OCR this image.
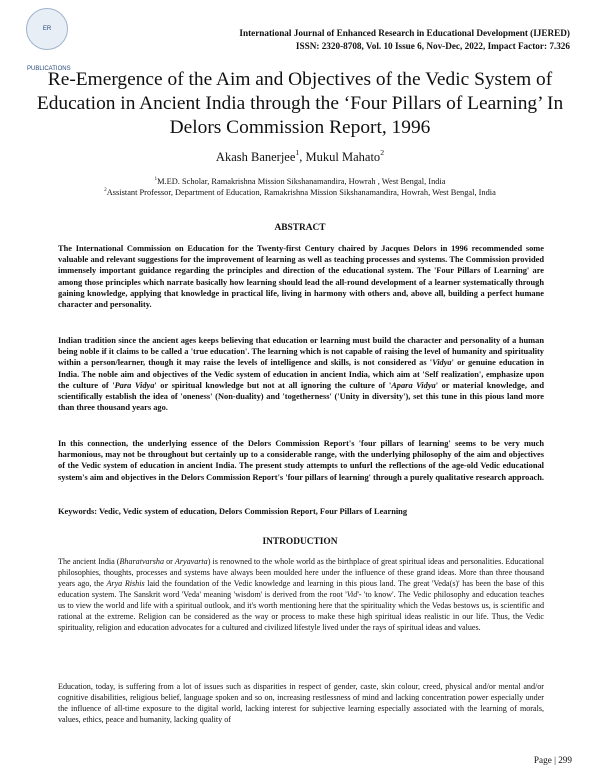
ER PUBLICATIONS
International Journal of Enhanced Research in Educational Development (IJERED)
ISSN: 2320-8708, Vol. 10 Issue 6, Nov-Dec, 2022, Impact Factor: 7.326
Re-Emergence of the Aim and Objectives of the Vedic System of Education in Ancient India through the ‘Four Pillars of Learning’ In Delors Commission Report, 1996
Akash Banerjee$^1$, Mukul Mahato$^2$
$^1$M.ED. Scholar, Ramakrishna Mission Sikshanamandira, Howrah , West Bengal, India
$^2$Assistant Professor, Department of Education, Ramakrishna Mission Sikshanamandira, Howrah, West Bengal, India
ABSTRACT

The International Commission on Education for the Twenty-first Century chaired by Jacques Delors in 1996 recommended some valuable and relevant suggestions for the improvement of learning as well as teaching processes and systems. The Commission provided immensely important guidance regarding the principles and direction of the educational system. The 'Four Pillars of Learning' are among those principles which narrate basically how learning should lead the all-round development of a learner systematically through gaining knowledge, applying that knowledge in practical life, living in harmony with others and, above all, building a perfect humane character and personality.

Indian tradition since the ancient ages keeps believing that education or learning must build the character and personality of a human being noble if it claims to be called a 'true education'. The learning which is not capable of raising the level of humanity and spirituality within a person/learner, though it may raise the levels of intelligence and skills, is not considered as 'Vidya' or genuine education in India. The noble aim and objectives of the Vedic system of education in ancient India, which aim at 'Self realization', emphasize upon the culture of 'Para Vidya' or spiritual knowledge but not at all ignoring the culture of 'Apara Vidya' or material knowledge, and scientifically establish the idea of 'oneness' (Non-duality) and 'togetherness' ('Unity in diversity'), set this tune in this pious land more than three thousand years ago.

In this connection, the underlying essence of the Delors Commission Report's 'four pillars of learning' seems to be very much harmonious, may not be throughout but certainly up to a considerable range, with the underlying philosophy of the aim and objectives of the Vedic system of education in ancient India. The present study attempts to unfurl the reflections of the age-old Vedic educational system's aim and objectives in the Delors Commission Report's 'four pillars of learning' through a purely qualitative research approach.

Keywords: Vedic, Vedic system of education, Delors Commission Report, Four Pillars of Learning

INTRODUCTION

The ancient India (Bharatvarsha or Aryavarta) is renowned to the whole world as the birthplace of great spiritual ideas and personalities. Educational philosophies, thoughts, processes and systems have always been moulded here under the influence of these grand ideas. More than three thousand years ago, the Arya Rishis laid the foundation of the Vedic knowledge and learning in this pious land. The great 'Veda(s)' has been the base of this education system. The Sanskrit word 'Veda' meaning 'wisdom' is derived from the root 'Vid'- 'to know'. The Vedic philosophy and education teaches us to view the world and life with a spiritual outlook, and it's worth mentioning here that the spirituality which the Vedas bestows us, is scientific and rational at the extreme. Religion can be considered as the way or process to make these high spiritual ideas realistic in our life. Thus, the Vedic spirituality, religion and education advocates for a cultured and civilized lifestyle lived under the rays of spiritual ideas and values.

Education, today, is suffering from a lot of issues such as disparities in respect of gender, caste, skin colour, creed, physical and/or mental and/or cognitive disabilities, religious belief, language spoken and so on, increasing restlessness of mind and lacking concentration power especially under the influence of all-time exposure to the digital world, lacking interest for subjective learning especially associated with the learning of morals, values, ethics, peace and humanity, lacking quality of

Page | 299
